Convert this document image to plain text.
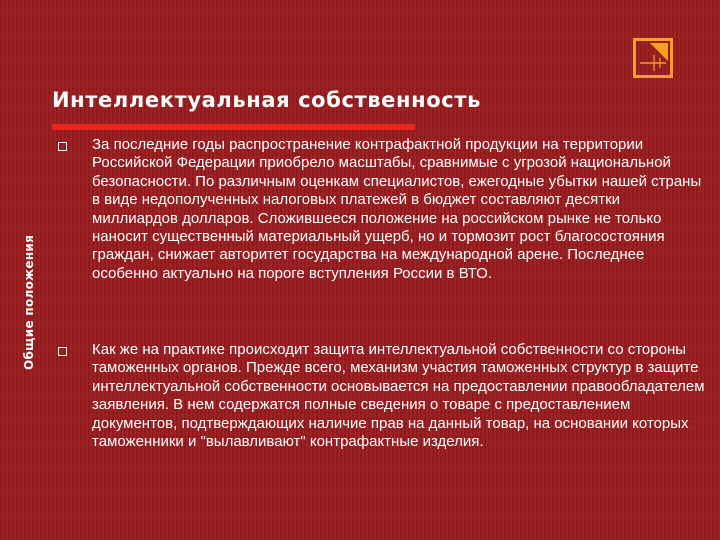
Интеллектуальная собственность
Общие положения

За последние годы распространение контрафактной продукции на территории Российской Федерации приобрело масштабы, сравнимые с угрозой национальной безопасности. По различным оценкам специалистов, ежегодные убытки нашей страны в виде недополученных налоговых платежей в бюджет составляют десятки миллиардов долларов. Сложившееся положение на российском рынке не только наносит существенный материальный ущерб, но и тормозит рост благосостояния граждан, снижает авторитет государства на международной арене. Последнее особенно актуально на пороге вступления России в ВТО.

Как же на практике происходит защита интеллектуальной собственности со стороны таможенных органов. Прежде всего, механизм участия таможенных структур в защите интеллектуальной собственности основывается на предоставлении правообладателем заявления. В нем содержатся полные сведения о товаре с предоставлением документов, подтверждающих наличие прав на данный товар, на основании которых таможенники и "вылавливают" контрафактные изделия.
